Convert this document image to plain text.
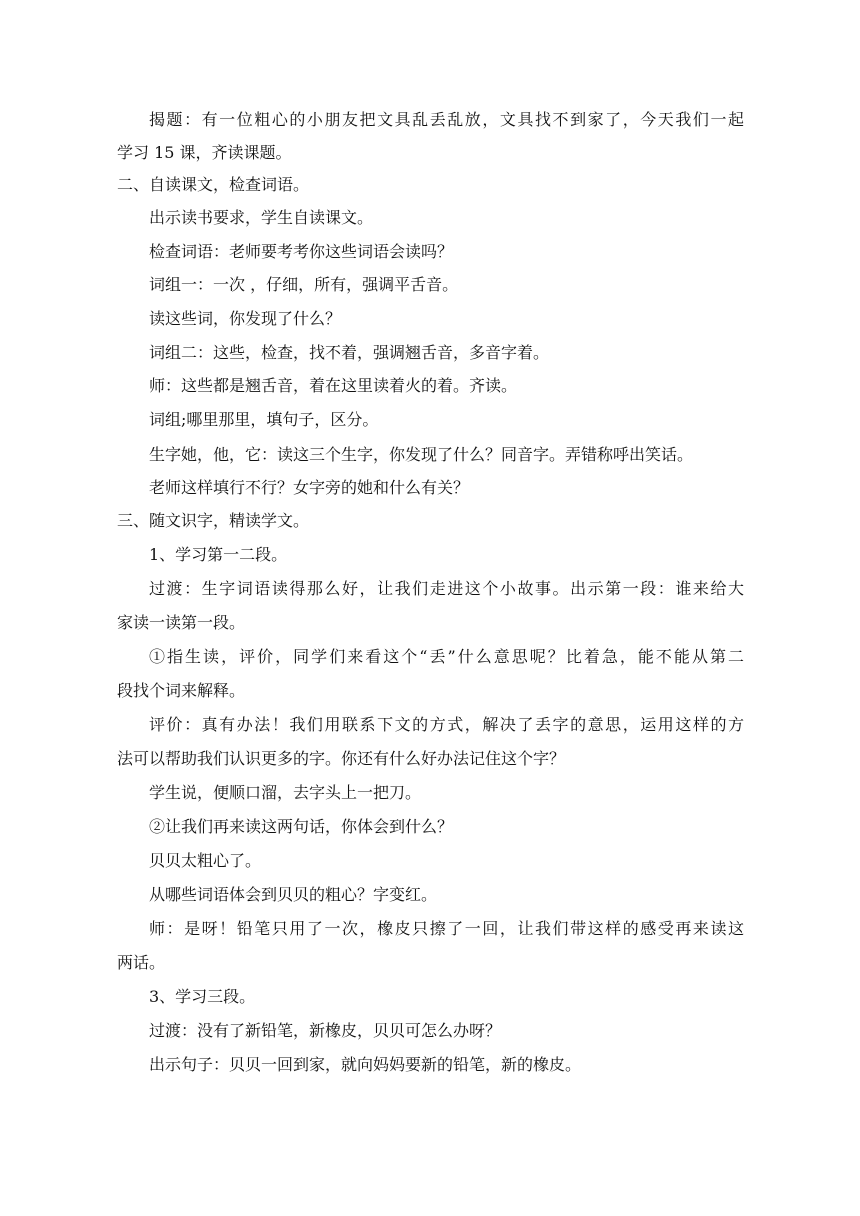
揭题：有一位粗心的小朋友把文具乱丢乱放，文具找不到家了，今天我们一起

学习 15 课，齐读课题。

二、自读课文，检查词语。

出示读书要求，学生自读课文。

检查词语：老师要考考你这些词语会读吗？

词组一：一次 ，仔细，所有，强调平舌音。

读这些词，你发现了什么？

词组二：这些，检查，找不着，强调翘舌音，多音字着。

师：这些都是翘舌音，着在这里读着火的着。齐读。

词组;哪里那里，填句子，区分。

生字她，他，它：读这三个生字，你发现了什么？同音字。弄错称呼出笑话。

老师这样填行不行？女字旁的她和什么有关？

三、随文识字，精读学文。

1、学习第一二段。

过渡：生字词语读得那么好，让我们走进这个小故事。出示第一段：谁来给大

家读一读第一段。

①指生读，评价，同学们来看这个“丢”什么意思呢？比着急，能不能从第二

段找个词来解释。

评价：真有办法！我们用联系下文的方式，解决了丢字的意思，运用这样的方

法可以帮助我们认识更多的字。你还有什么好办法记住这个字？

学生说，便顺口溜，去字头上一把刀。

②让我们再来读这两句话，你体会到什么？

贝贝太粗心了。

从哪些词语体会到贝贝的粗心？字变红。

师：是呀！铅笔只用了一次，橡皮只擦了一回，让我们带这样的感受再来读这

两话。

3、学习三段。

过渡：没有了新铅笔，新橡皮，贝贝可怎么办呀？

出示句子：贝贝一回到家，就向妈妈要新的铅笔，新的橡皮。
